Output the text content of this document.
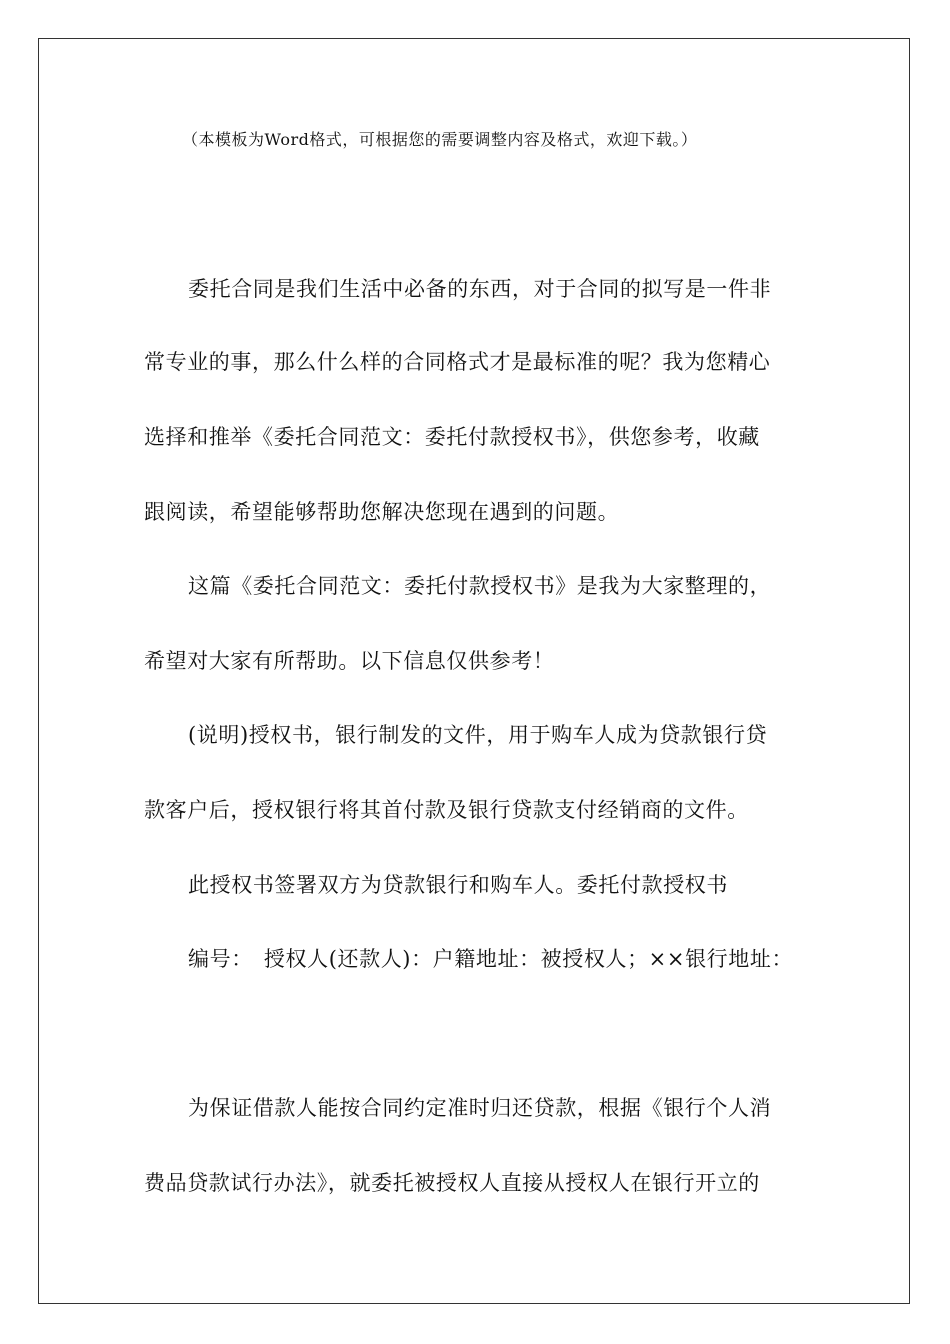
（本模板为Word格式，可根据您的需要调整内容及格式，欢迎下载。）
委托合同是我们生活中必备的东西，对于合同的拟写是一件非
常专业的事，那么什么样的合同格式才是最标准的呢？我为您精心
选择和推举《委托合同范文：委托付款授权书》，供您参考，收藏
跟阅读，希望能够帮助您解决您现在遇到的问题。
这篇《委托合同范文：委托付款授权书》是我为大家整理的，
希望对大家有所帮助。以下信息仅供参考！
(说明)授权书，银行制发的文件，用于购车人成为贷款银行贷
款客户后，授权银行将其首付款及银行贷款支付经销商的文件。
此授权书签署双方为贷款银行和购车人。委托付款授权书
编号：　授权人(还款人)：户籍地址：被授权人；××银行地址：
为保证借款人能按合同约定准时归还贷款，根据《银行个人消
费品贷款试行办法》，就委托被授权人直接从授权人在银行开立的
